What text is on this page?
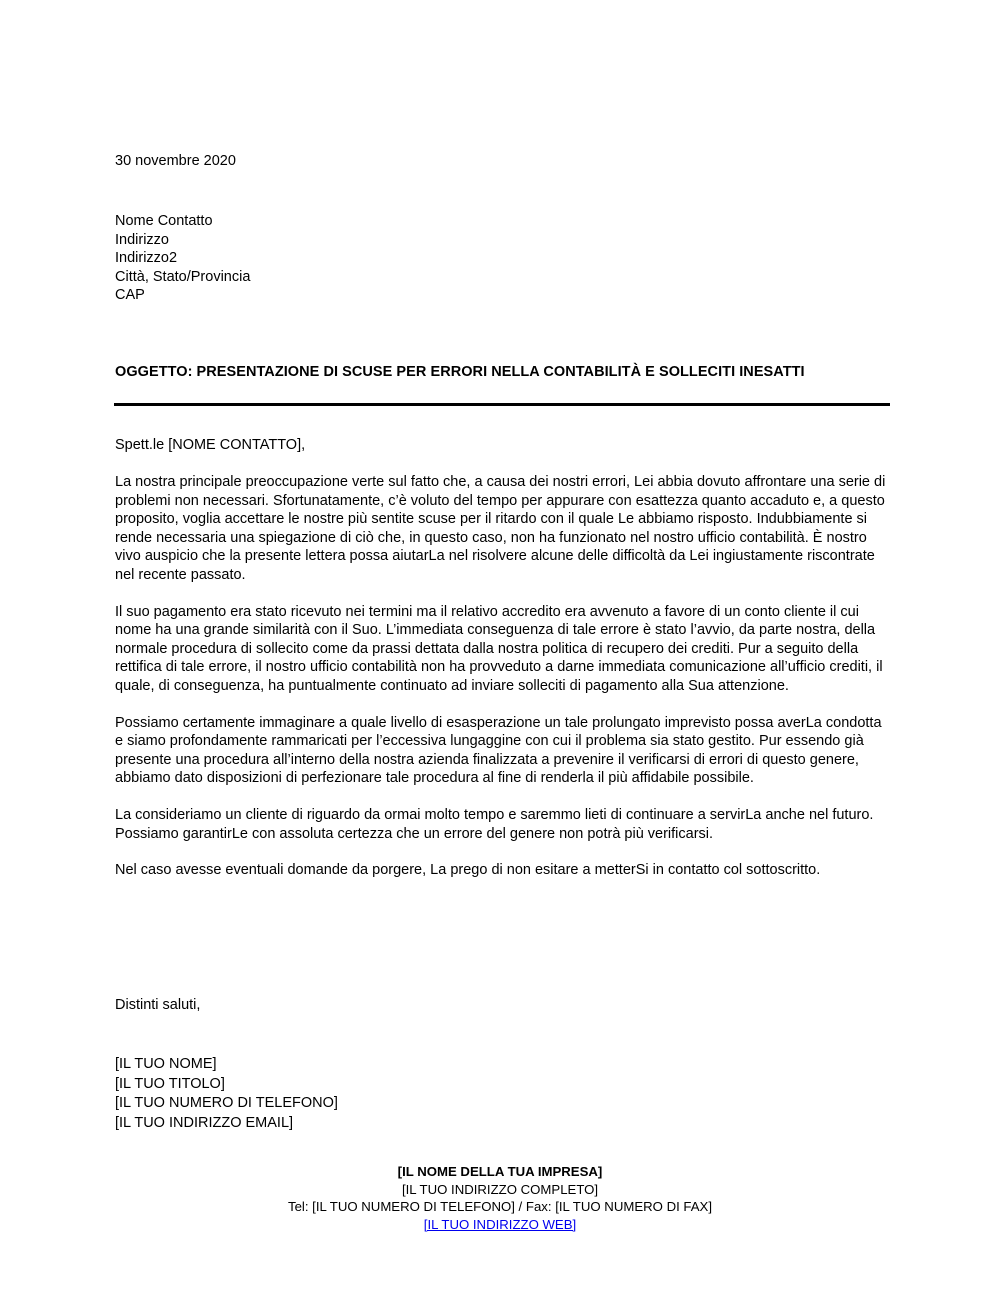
30 novembre 2020
Nome Contatto
Indirizzo
Indirizzo2
Città, Stato/Provincia
CAP
OGGETTO: PRESENTAZIONE DI SCUSE PER ERRORI NELLA CONTABILITÀ E SOLLECITI INESATTI
Spett.le [NOME CONTATTO],

La nostra principale preoccupazione verte sul fatto che, a causa dei nostri errori, Lei abbia dovuto affrontare una serie di problemi non necessari. Sfortunatamente, c’è voluto del tempo per appurare con esattezza quanto accaduto e, a questo proposito, voglia accettare le nostre più sentite scuse per il ritardo con il quale Le abbiamo risposto. Indubbiamente si rende necessaria una spiegazione di ciò che, in questo caso, non ha funzionato nel nostro ufficio contabilità. È nostro vivo auspicio che la presente lettera possa aiutarLa nel risolvere alcune delle difficoltà da Lei ingiustamente riscontrate nel recente passato.

Il suo pagamento era stato ricevuto nei termini ma il relativo accredito era avvenuto a favore di un conto cliente il cui nome ha una grande similarità con il Suo. L’immediata conseguenza di tale errore è stato l’avvio, da parte nostra, della normale procedura di sollecito come da prassi dettata dalla nostra politica di recupero dei crediti. Pur a seguito della rettifica di tale errore, il nostro ufficio contabilità non ha provveduto a darne immediata comunicazione all’ufficio crediti, il quale, di conseguenza, ha puntualmente continuato ad inviare solleciti di pagamento alla Sua attenzione.

Possiamo certamente immaginare a quale livello di esasperazione un tale prolungato imprevisto possa averLa condotta e siamo profondamente rammaricati per l’eccessiva lungaggine con cui il problema sia stato gestito. Pur essendo già presente una procedura all’interno della nostra azienda finalizzata a prevenire il verificarsi di errori di questo genere, abbiamo dato disposizioni di perfezionare tale procedura al fine di renderla il più affidabile possibile.

La consideriamo un cliente di riguardo da ormai molto tempo e saremmo lieti di continuare a servirLa anche nel futuro. Possiamo garantirLe con assoluta certezza che un errore del genere non potrà più verificarsi.

Nel caso avesse eventuali domande da porgere, La prego di non esitare a metterSi in contatto col sottoscritto.

Distinti saluti,
[IL TUO NOME]
[IL TUO TITOLO]
[IL TUO NUMERO DI TELEFONO]
[IL TUO INDIRIZZO EMAIL]
[IL NOME DELLA TUA IMPRESA]
[IL TUO INDIRIZZO COMPLETO]
Tel: [IL TUO NUMERO DI TELEFONO] / Fax: [IL TUO NUMERO DI FAX]
[IL TUO INDIRIZZO WEB]
